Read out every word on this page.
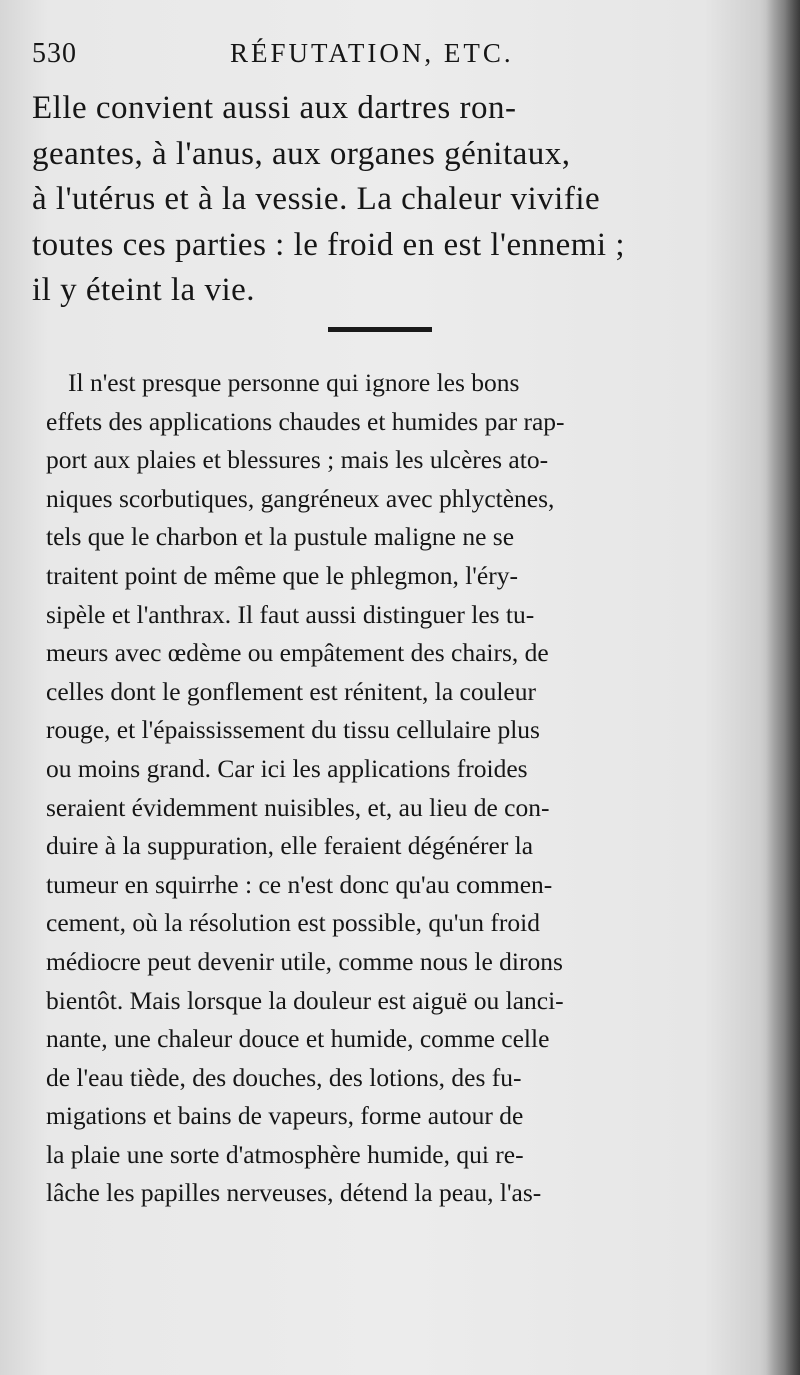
530	RÉFUTATION, ETC.
Elle convient aussi aux dartres ron-
geantes, à l'anus, aux organes génitaux,
à l'utérus et à la vessie. La chaleur vivifie
toutes ces parties : le froid en est l'ennemi ;
il y éteint la vie.
Il n'est presque personne qui ignore les bons
effets des applications chaudes et humides par rap-
port aux plaies et blessures ; mais les ulcères ato-
niques scorbutiques, gangréneux avec phlyctènes,
tels que le charbon et la pustule maligne ne se
traitent point de même que le phlegmon, l'éry-
sipèle et l'anthrax. Il faut aussi distinguer les tu-
meurs avec œdème ou empâtement des chairs, de
celles dont le gonflement est rénitent, la couleur
rouge, et l'épaississement du tissu cellulaire plus
ou moins grand. Car ici les applications froides
seraient évidemment nuisibles, et, au lieu de con-
duire à la suppuration, elle feraient dégénérer la
tumeur en squirrhe : ce n'est donc qu'au commen-
cement, où la résolution est possible, qu'un froid
médiocre peut devenir utile, comme nous le dirons
bientôt. Mais lorsque la douleur est aiguë ou lanci-
nante, une chaleur douce et humide, comme celle
de l'eau tiède, des douches, des lotions, des fu-
migations et bains de vapeurs, forme autour de
la plaie une sorte d'atmosphère humide, qui re-
lâche les papilles nerveuses, détend la peau, l'as-
